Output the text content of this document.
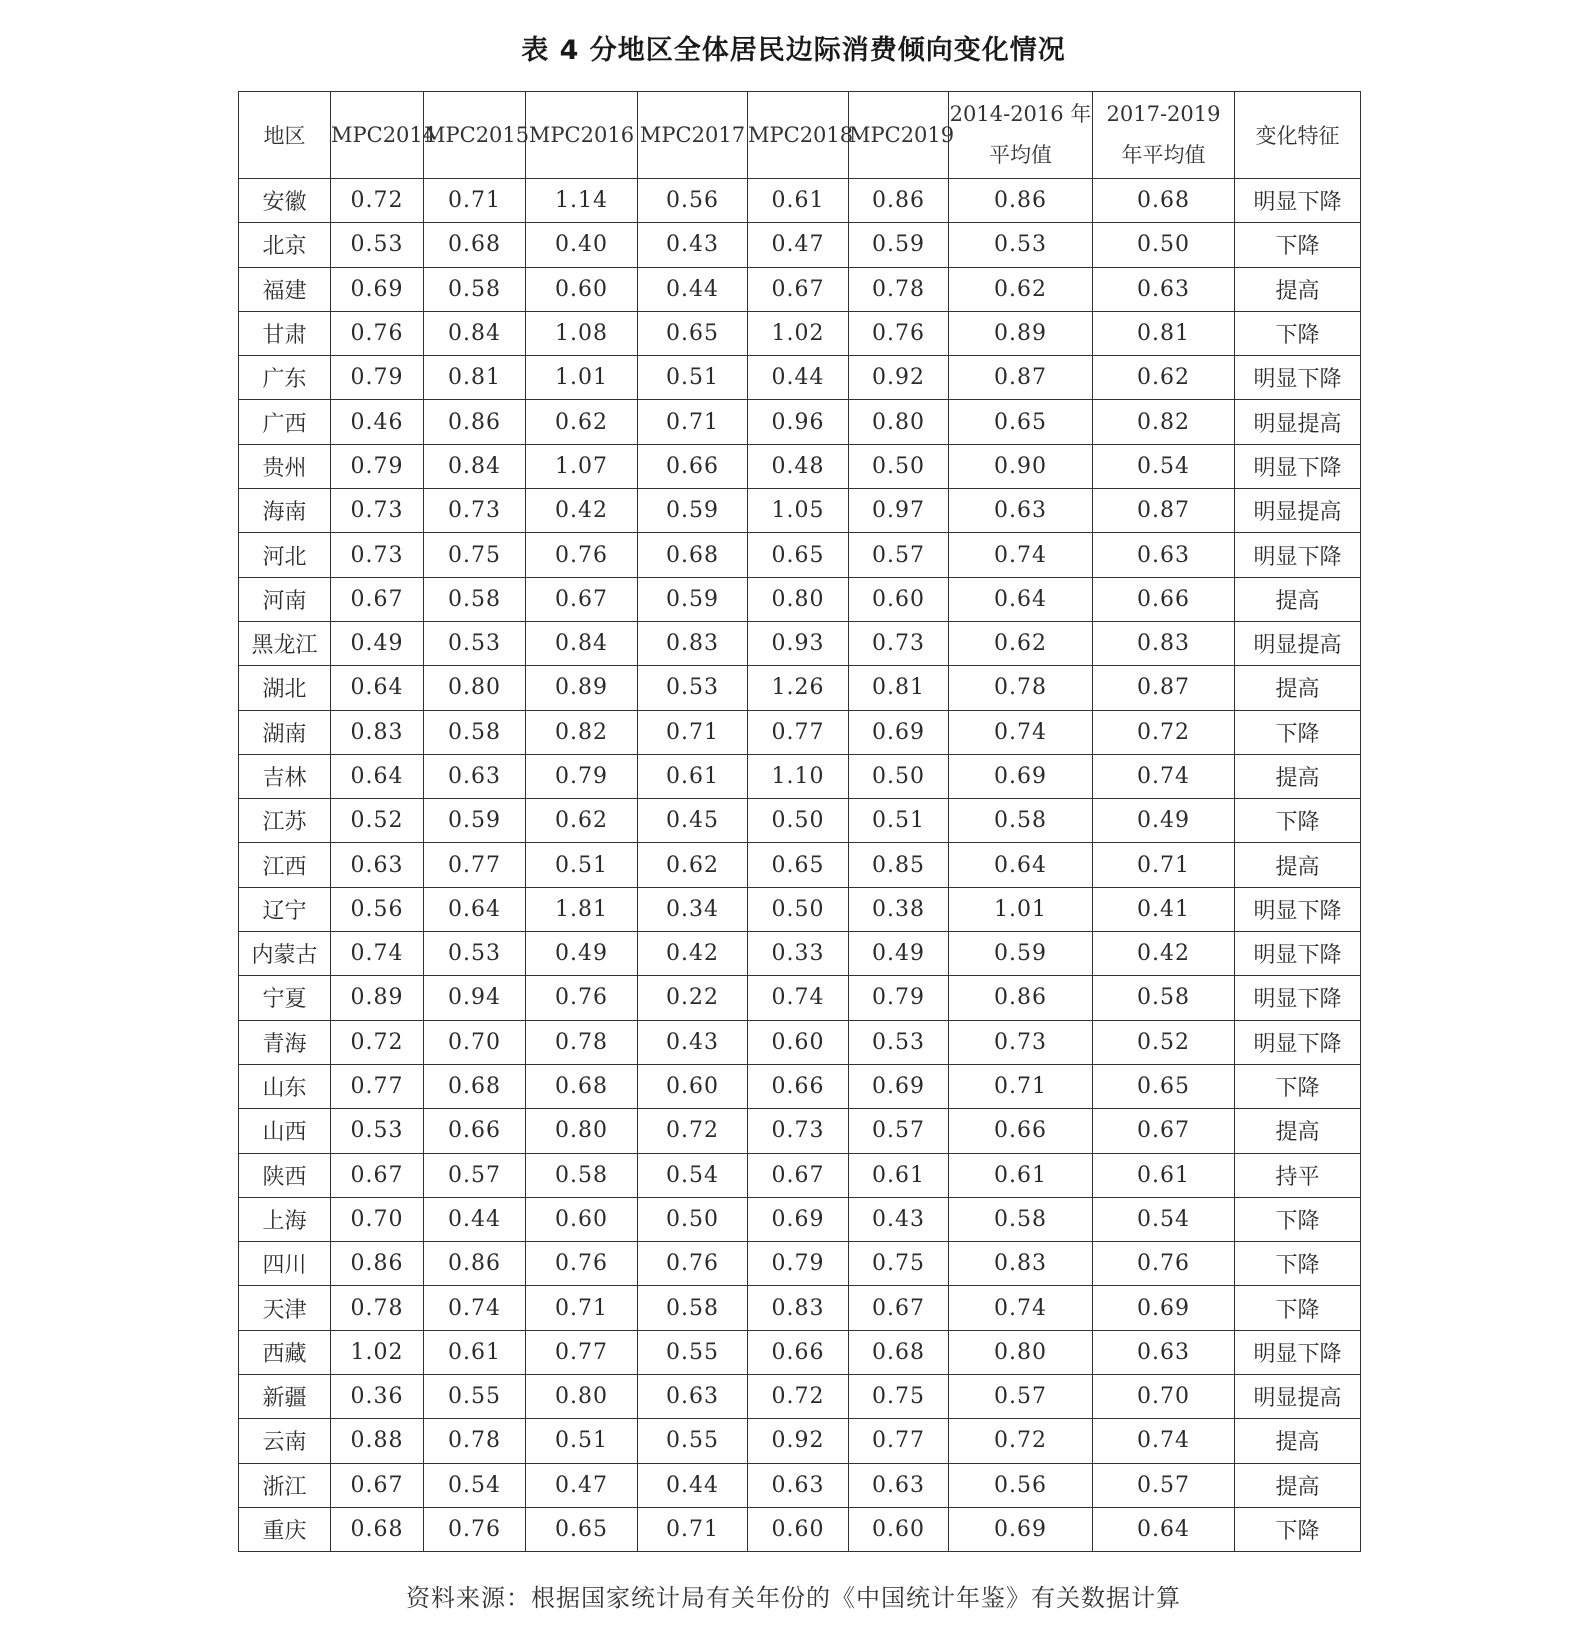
表 4 分地区全体居民边际消费倾向变化情况
地区	MPC2014	MPC2015	MPC2016	MPC2017	MPC2018	MPC2019	2014-2016 年平均值	2017-2019 年平均值	变化特征
安徽	0.72	0.71	1.14	0.56	0.61	0.86	0.86	0.68	明显下降
北京	0.53	0.68	0.40	0.43	0.47	0.59	0.53	0.50	下降
福建	0.69	0.58	0.60	0.44	0.67	0.78	0.62	0.63	提高
甘肃	0.76	0.84	1.08	0.65	1.02	0.76	0.89	0.81	下降
广东	0.79	0.81	1.01	0.51	0.44	0.92	0.87	0.62	明显下降
广西	0.46	0.86	0.62	0.71	0.96	0.80	0.65	0.82	明显提高
贵州	0.79	0.84	1.07	0.66	0.48	0.50	0.90	0.54	明显下降
海南	0.73	0.73	0.42	0.59	1.05	0.97	0.63	0.87	明显提高
河北	0.73	0.75	0.76	0.68	0.65	0.57	0.74	0.63	明显下降
河南	0.67	0.58	0.67	0.59	0.80	0.60	0.64	0.66	提高
黑龙江	0.49	0.53	0.84	0.83	0.93	0.73	0.62	0.83	明显提高
湖北	0.64	0.80	0.89	0.53	1.26	0.81	0.78	0.87	提高
湖南	0.83	0.58	0.82	0.71	0.77	0.69	0.74	0.72	下降
吉林	0.64	0.63	0.79	0.61	1.10	0.50	0.69	0.74	提高
江苏	0.52	0.59	0.62	0.45	0.50	0.51	0.58	0.49	下降
江西	0.63	0.77	0.51	0.62	0.65	0.85	0.64	0.71	提高
辽宁	0.56	0.64	1.81	0.34	0.50	0.38	1.01	0.41	明显下降
内蒙古	0.74	0.53	0.49	0.42	0.33	0.49	0.59	0.42	明显下降
宁夏	0.89	0.94	0.76	0.22	0.74	0.79	0.86	0.58	明显下降
青海	0.72	0.70	0.78	0.43	0.60	0.53	0.73	0.52	明显下降
山东	0.77	0.68	0.68	0.60	0.66	0.69	0.71	0.65	下降
山西	0.53	0.66	0.80	0.72	0.73	0.57	0.66	0.67	提高
陕西	0.67	0.57	0.58	0.54	0.67	0.61	0.61	0.61	持平
上海	0.70	0.44	0.60	0.50	0.69	0.43	0.58	0.54	下降
四川	0.86	0.86	0.76	0.76	0.79	0.75	0.83	0.76	下降
天津	0.78	0.74	0.71	0.58	0.83	0.67	0.74	0.69	下降
西藏	1.02	0.61	0.77	0.55	0.66	0.68	0.80	0.63	明显下降
新疆	0.36	0.55	0.80	0.63	0.72	0.75	0.57	0.70	明显提高
云南	0.88	0.78	0.51	0.55	0.92	0.77	0.72	0.74	提高
浙江	0.67	0.54	0.47	0.44	0.63	0.63	0.56	0.57	提高
重庆	0.68	0.76	0.65	0.71	0.60	0.60	0.69	0.64	下降
资料来源：根据国家统计局有关年份的《中国统计年鉴》有关数据计算
